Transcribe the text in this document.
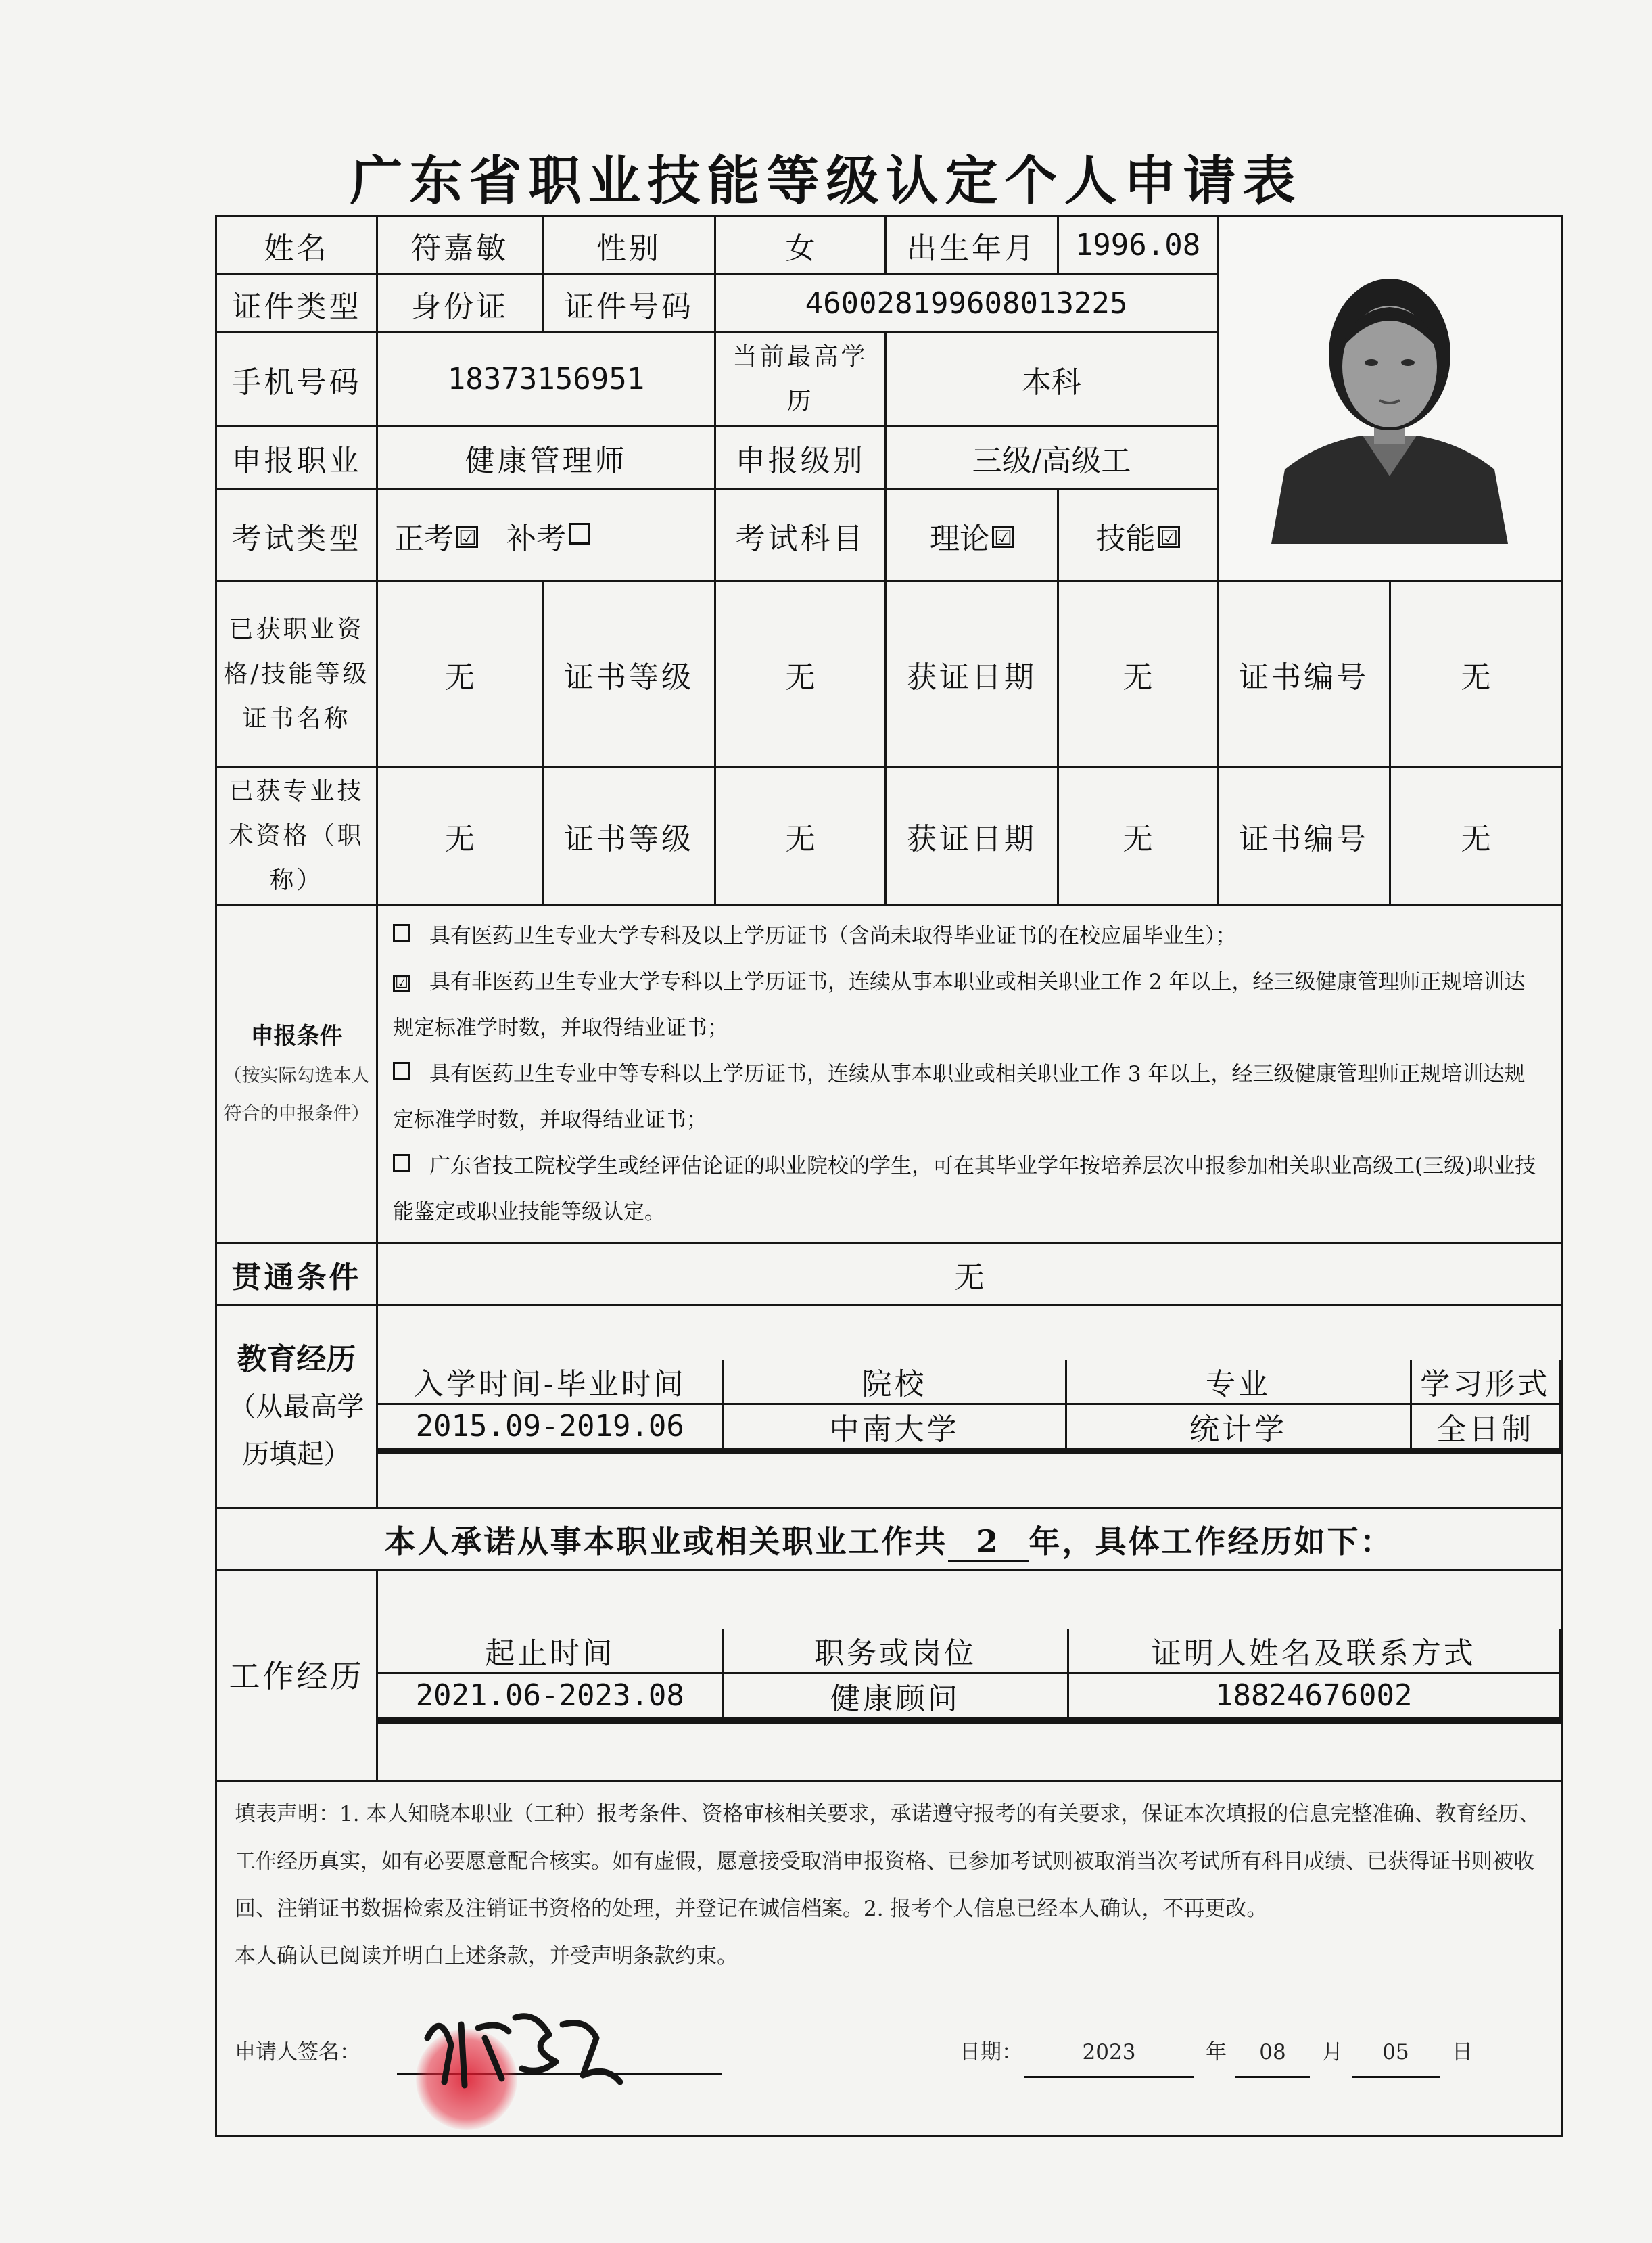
广东省职业技能等级认定个人申请表
姓名	符嘉敏	性别	女	出生年月	1996.08	
证件类型	身份证	证件号码	460028199608013225
手机号码	18373156951	当前最高学历	本科
申报职业	健康管理师	申报级别	三级/高级工
考试类型	正考 ☑ 补考	考试科目	理论 ☑	技能 ☑
已获职业资格/技能等级证书名称	无	证书等级	无	获证日期	无	证书编号	无
已获专业技术资格（职称）	无	证书等级	无	获证日期	无	证书编号	无

申报条件
（按实际勾选本人符合的申报条件）

具有医药卫生专业大学专科及以上学历证书（含尚未取得毕业证书的在校应届毕业生）；
☑ 具有非医药卫生专业大学专科以上学历证书，连续从事本职业或相关职业工作 2 年以上，经三级健康管理师正规培训达规定标准学时数，并取得结业证书；
具有医药卫生专业中等专科以上学历证书，连续从事本职业或相关职业工作 3 年以上，经三级健康管理师正规培训达规定标准学时数，并取得结业证书；
广东省技工院校学生或经评估论证的职业院校的学生，可在其毕业学年按培养层次申报参加相关职业高级工(三级)职业技能鉴定或职业技能等级认定。

贯通条件	无

教育经历
（从最高学历填起）

入学时间-毕业时间	院校	专业	学习形式
2015.09-2019.06	中南大学	统计学	全日制

本人承诺从事本职业或相关职业工作共 2 年，具体工作经历如下：
工作经历	
起止时间	职务或岗位	证明人姓名及联系方式
2021.06-2023.08	健康顾问	18824676002

填表声明：1. 本人知晓本职业（工种）报考条件、资格审核相关要求，承诺遵守报考的有关要求，保证本次填报的信息完整准确、教育经历、工作经历真实，如有必要愿意配合核实。如有虚假，愿意接受取消申报资格、已参加考试则被取消当次考试所有科目成绩、已获得证书则被收回、注销证书数据检索及注销证书资格的处理，并登记在诚信档案。2. 报考个人信息已经本人确认，不再更改。
本人确认已阅读并明白上述条款，并受声明条款约束。
申请人签名：	日期：	2023	年	08	月	05	日
